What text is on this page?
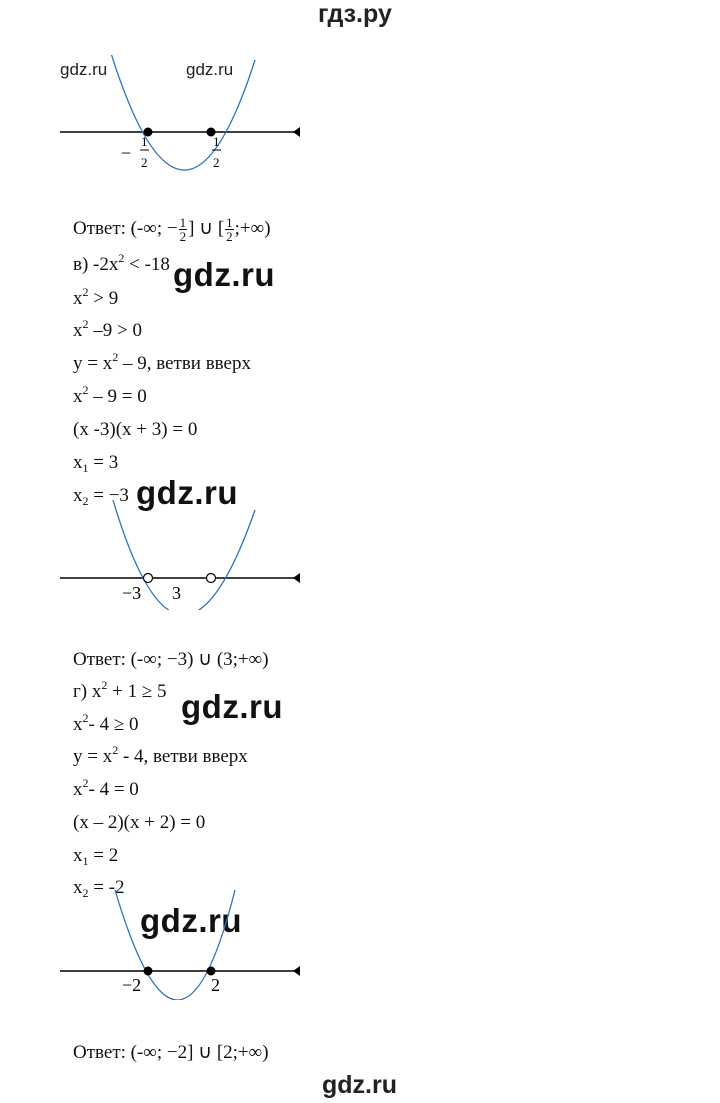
гдз.ру
−
1
2
1
2
gdz.ru	gdz.ru
Ответ: (-∞; − $\frac{1}{2}$ ] ∪ [ $\frac{1}{2}$ ;+∞)
в) $-2x^2 < -18$
$x^2 > 9$
$x^2$ –9 > 0
$y = x^2 - 9$, ветви вверх
$x^2 - 9 = 0$
(x -3)(x + 3) = 0
$x_1 = 3$
$x_2 = -3$
gdz.ru
gdz.ru
−3 3
Ответ: (-∞; −3) ∪ (3;+∞)
г) $x^2 + 1 \ge 5$
$x^2-$ 4 ≥ 0
$y = x^2 - 4$, ветви вверх
$x^2-$ 4 = 0
(x – 2)(x + 2) = 0
$x_1 = 2$
$x_2 = -2$
gdz.ru
gdz.ru
−2	2
Ответ: (-∞; −2] ∪ [2;+∞)
gdz.ru
